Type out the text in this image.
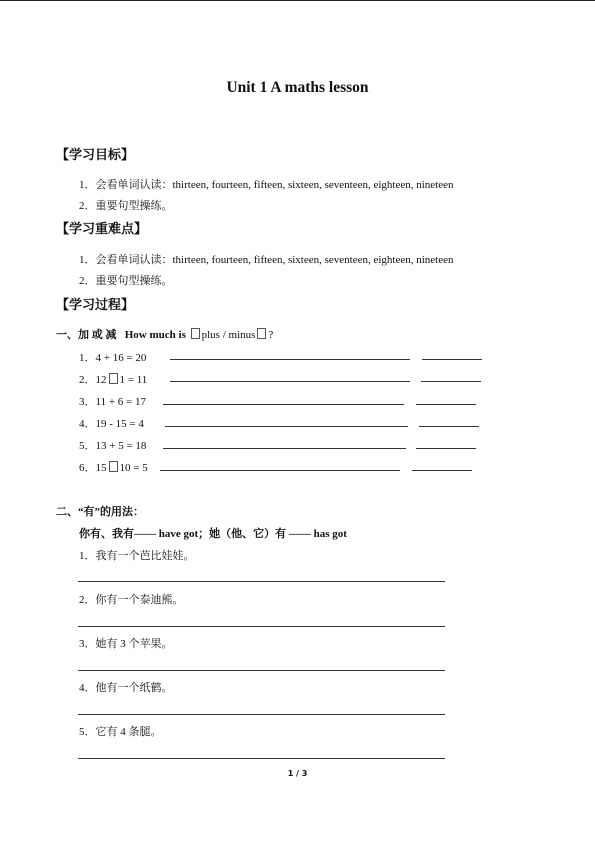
Unit 1 A maths lesson
【学习目标】
1．会看单词认读：thirteen, fourteen, fifteen, sixteen, seventeen, eighteen, nineteen
2．重要句型操练。
【学习重难点】
1．会看单词认读：thirteen, fourteen, fifteen, sixteen, seventeen, eighteen, nineteen
2．重要句型操练。
【学习过程】
一、加 或 减 How much is plus / minus ?
1．4 + 16 = 20
2．12 1 = 11
3．11 + 6 = 17
4．19 - 15 = 4
5．13 + 5 = 18
6．15 10 = 5
二、“有”的用法：
你有、我有—— have got；她（他、它）有 —— has got
1．我有一个芭比娃娃。
2．你有一个泰迪熊。
3．她有 3 个苹果。
4．他有一个纸鹤。
5．它有 4 条腿。
1 / 3
